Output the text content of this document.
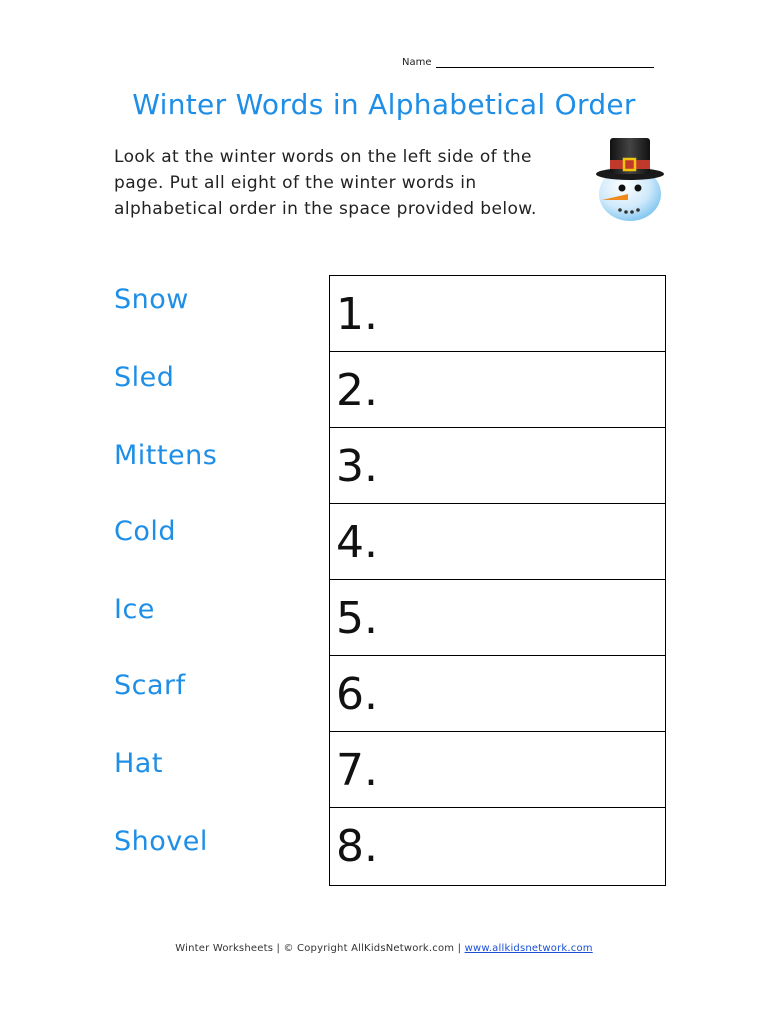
Name
Winter Words in Alphabetical Order
Look at the winter words on the left side of the page. Put all eight of the winter words in alphabetical order in the space provided below.
Snow
Sled
Mittens
Cold
Ice
Scarf
Hat
Shovel
1.
2.
3.
4.
5.
6.
7.
8.
Winter Worksheets | © Copyright AllKidsNetwork.com | www.allkidsnetwork.com
